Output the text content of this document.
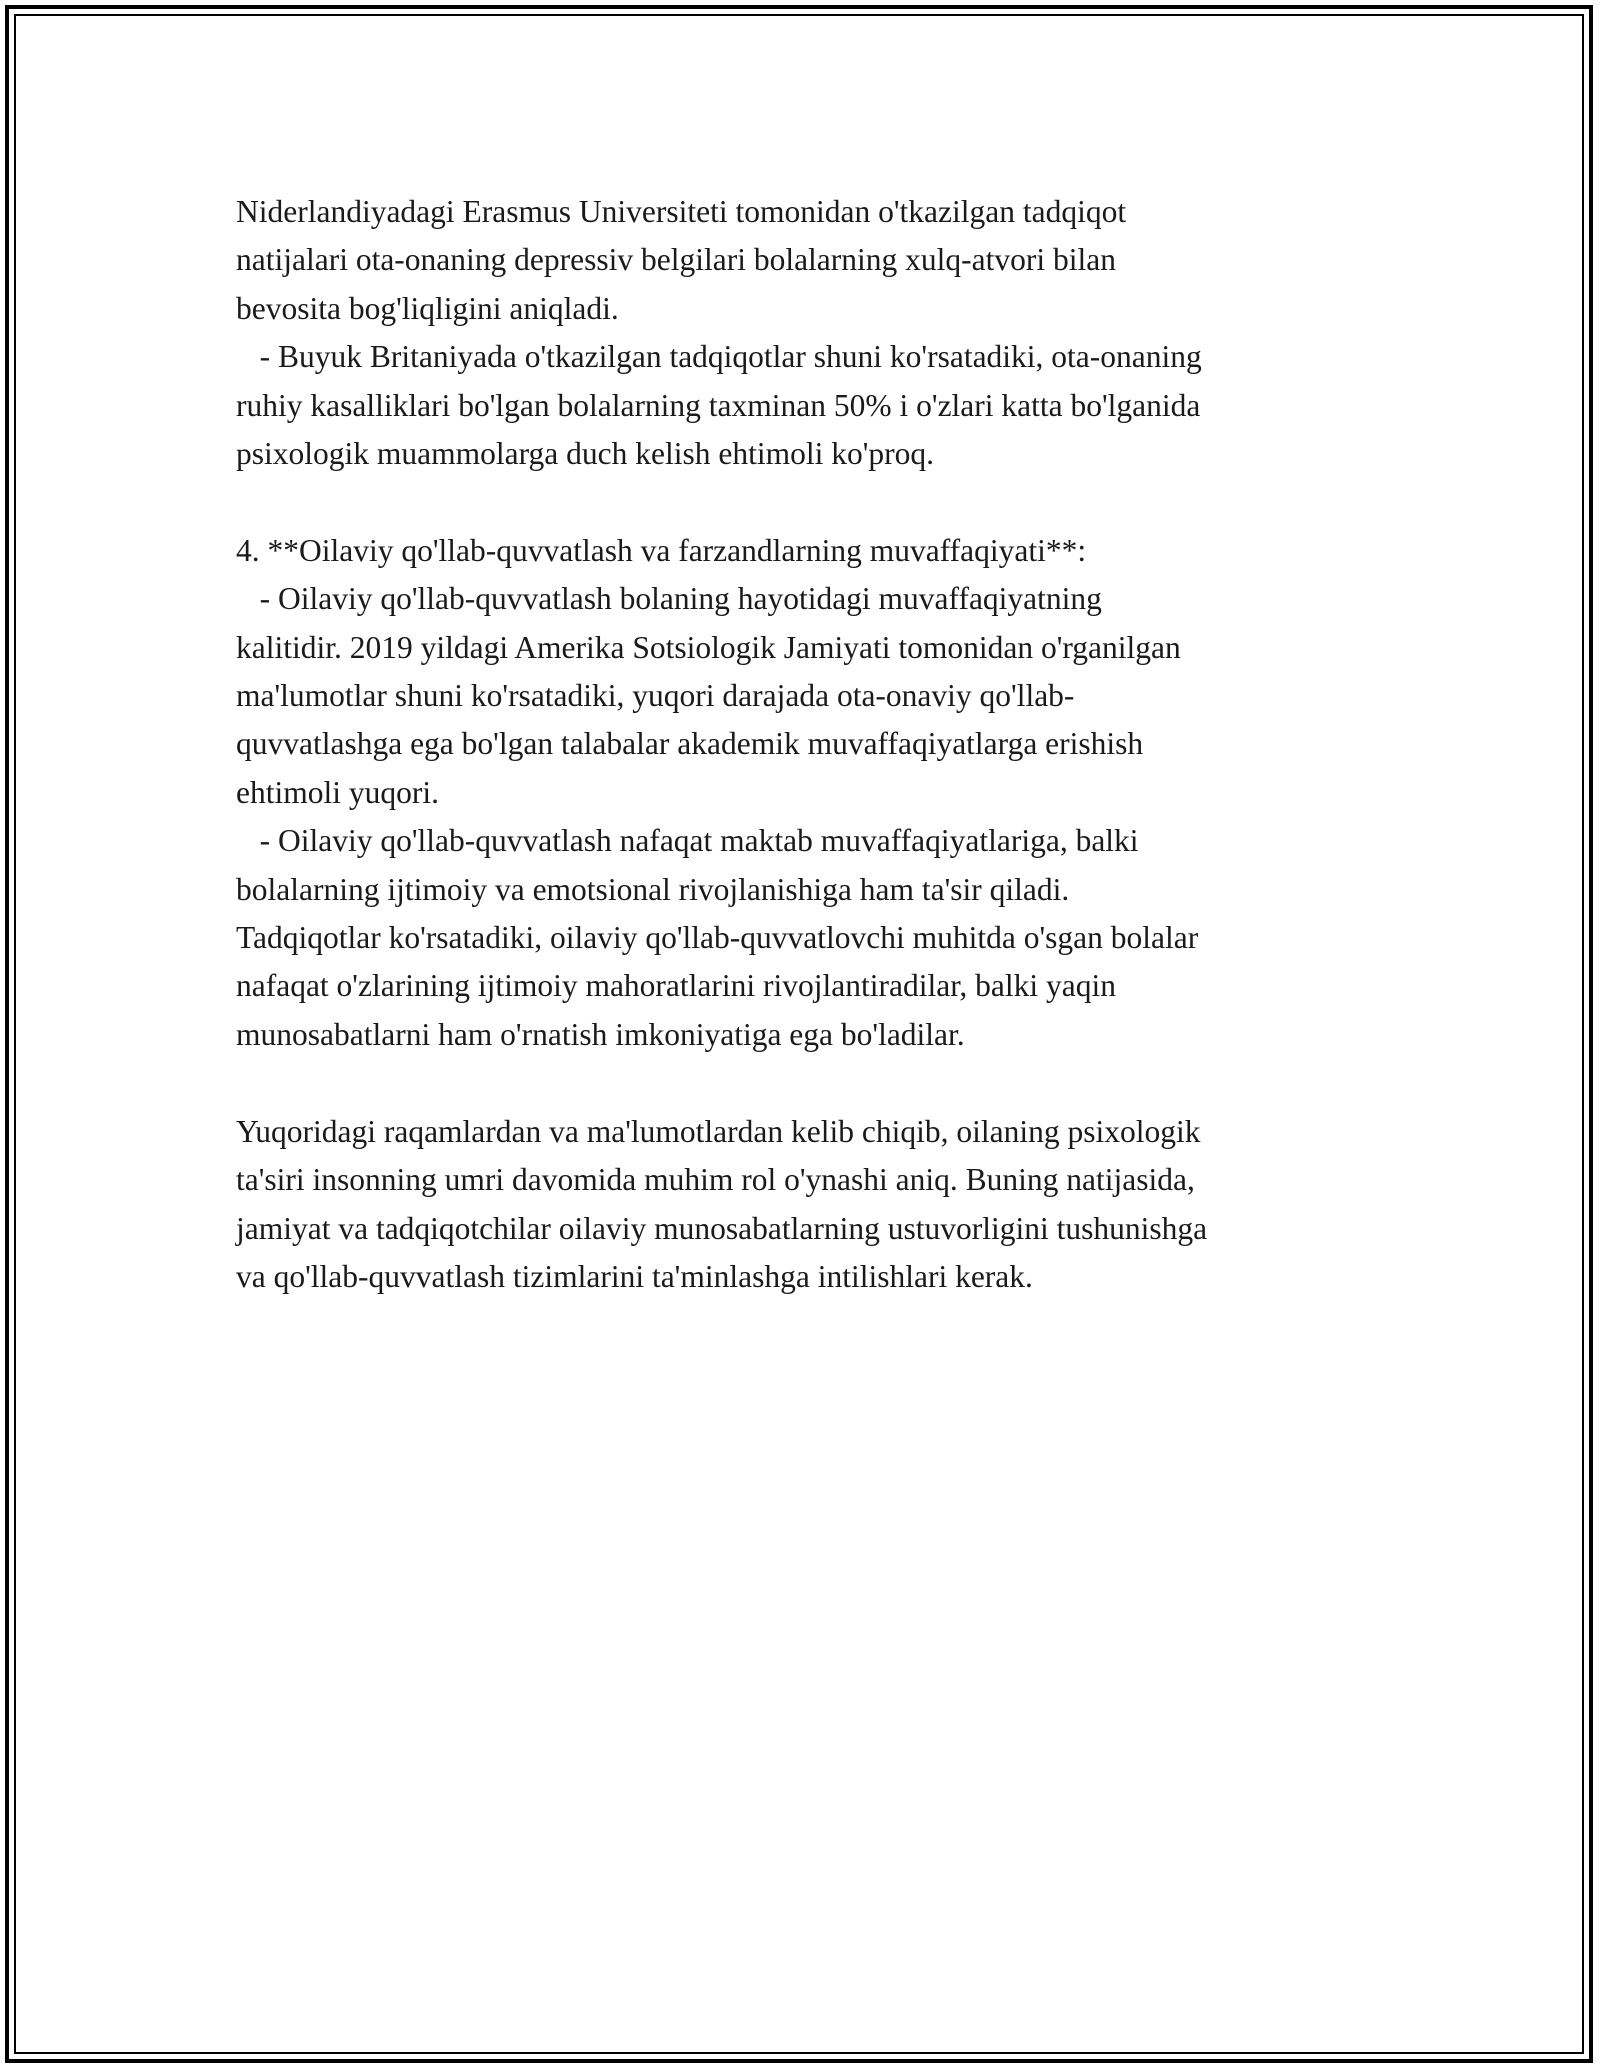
Niderlandiyadagi Erasmus Universiteti tomonidan o'tkazilgan tadqiqot
natijalari ota-onaning depressiv belgilari bolalarning xulq-atvori bilan
bevosita bog'liqligini aniqladi.
- Buyuk Britaniyada o'tkazilgan tadqiqotlar shuni ko'rsatadiki, ota-onaning
ruhiy kasalliklari bo'lgan bolalarning taxminan 50% i o'zlari katta bo'lganida
psixologik muammolarga duch kelish ehtimoli ko'proq.
4. **Oilaviy qo'llab-quvvatlash va farzandlarning muvaffaqiyati**:
- Oilaviy qo'llab-quvvatlash bolaning hayotidagi muvaffaqiyatning
kalitidir. 2019 yildagi Amerika Sotsiologik Jamiyati tomonidan o'rganilgan
ma'lumotlar shuni ko'rsatadiki, yuqori darajada ota-onaviy qo'llab-
quvvatlashga ega bo'lgan talabalar akademik muvaffaqiyatlarga erishish
ehtimoli yuqori.
- Oilaviy qo'llab-quvvatlash nafaqat maktab muvaffaqiyatlariga, balki
bolalarning ijtimoiy va emotsional rivojlanishiga ham ta'sir qiladi.
Tadqiqotlar ko'rsatadiki, oilaviy qo'llab-quvvatlovchi muhitda o'sgan bolalar
nafaqat o'zlarining ijtimoiy mahoratlarini rivojlantiradilar, balki yaqin
munosabatlarni ham o'rnatish imkoniyatiga ega bo'ladilar.
Yuqoridagi raqamlardan va ma'lumotlardan kelib chiqib, oilaning psixologik
ta'siri insonning umri davomida muhim rol o'ynashi aniq. Buning natijasida,
jamiyat va tadqiqotchilar oilaviy munosabatlarning ustuvorligini tushunishga
va qo'llab-quvvatlash tizimlarini ta'minlashga intilishlari kerak.
